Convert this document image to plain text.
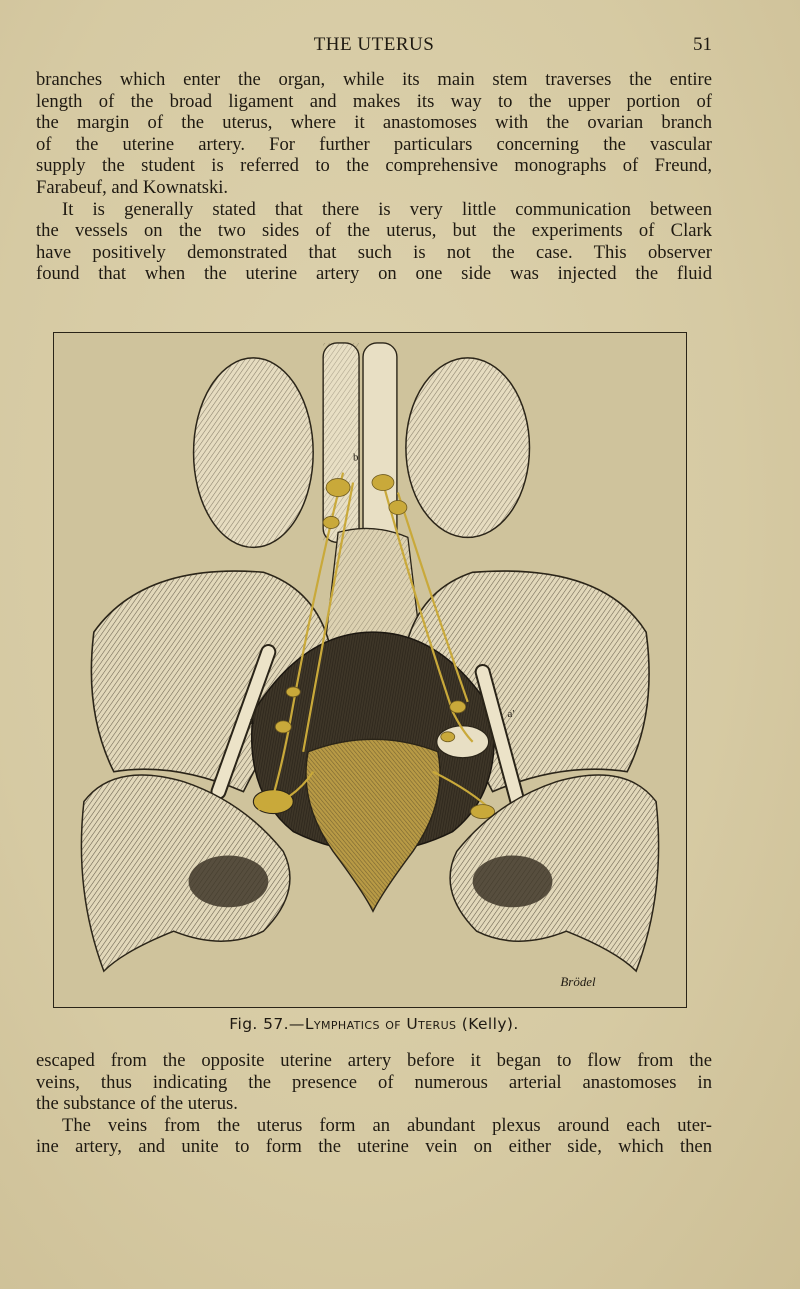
THE UTERUS	51
branches which enter the organ, while its main stem traverses the entire
length of the broad ligament and makes its way to the upper portion of
the margin of the uterus, where it anastomoses with the ovarian branch
of the uterine artery. For further particulars concerning the vascular
supply the student is referred to the comprehensive monographs of Freund,
Farabeuf, and Kownatski.
It is generally stated that there is very little communication between
the vessels on the two sides of the uterus, but the experiments of Clark
have positively demonstrated that such is not the case. This observer
found that when the uterine artery on one side was injected the fluid
b
a
a'
Brödel
Fig. 57.—Lymphatics of Uterus (Kelly).
escaped from the opposite uterine artery before it began to flow from the
veins, thus indicating the presence of numerous arterial anastomoses in
the substance of the uterus.
The veins from the uterus form an abundant plexus around each uter-
ine artery, and unite to form the uterine vein on either side, which then
